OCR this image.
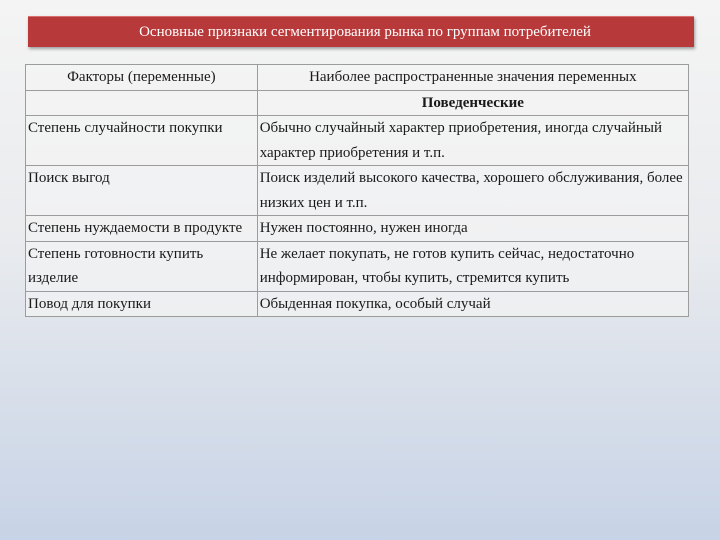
Основные признаки сегментирования рынка по группам потребителей
Факторы (переменные)	Наиболее распространенные значения переменных
	Поведенческие
Степень случайности покупки	Обычно случайный характер приобретения, иногда случайный характер приобретения и т.п.
Поиск выгод	Поиск изделий высокого качества, хорошего обслуживания, более низких цен и т.п.
Степень нуждаемости в продукте	Нужен постоянно, нужен иногда
Степень готовности купить изделие	Не желает покупать, не готов купить сейчас, недостаточно информирован, чтобы купить, стремится купить
Повод для покупки	Обыденная покупка, особый случай
